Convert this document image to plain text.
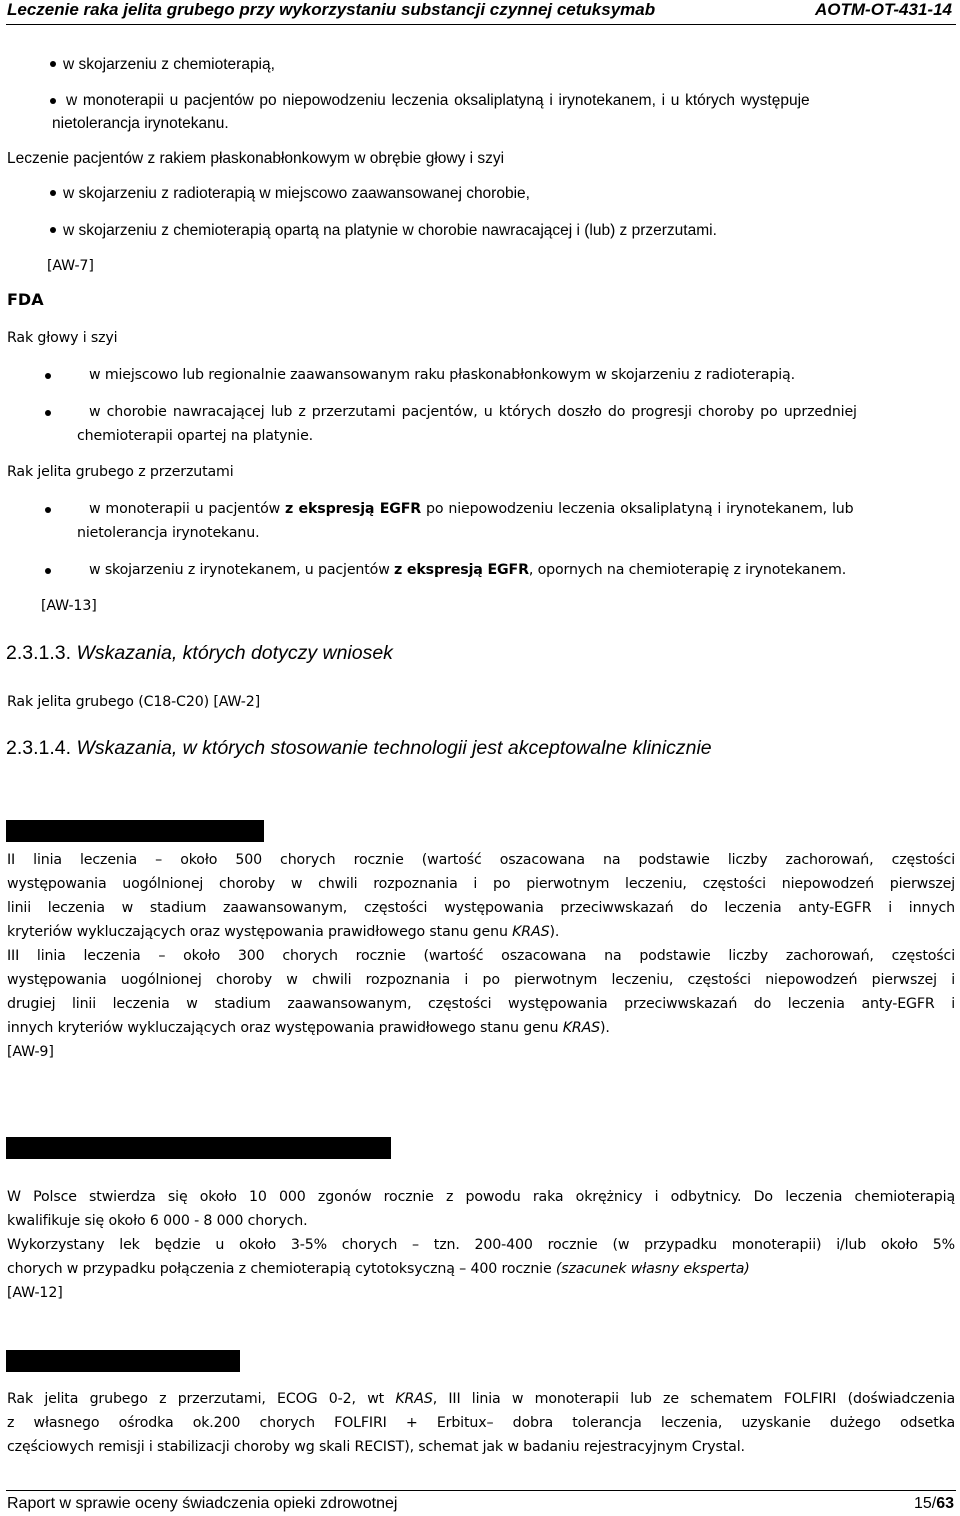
Leczenie raka jelita grubego przy wykorzystaniu substancji czynnej cetuksymab	AOTM-OT-431-14
w skojarzeniu z chemioterapią,
w monoterapii u pacjentów po niepowodzeniu leczenia oksaliplatyną i irynotekanem, i u których występuje
nietolerancja irynotekanu.
Leczenie pacjentów z rakiem płaskonabłonkowym w obrębie głowy i szyi
w skojarzeniu z radioterapią w miejscowo zaawansowanej chorobie,
w skojarzeniu z chemioterapią opartą na platynie w chorobie nawracającej i (lub) z przerzutami.
[AW-7]
FDA
Rak głowy i szyi
w miejscowo lub regionalnie zaawansowanym raku płaskonabłonkowym w skojarzeniu z radioterapią.
w chorobie nawracającej lub z przerzutami pacjentów, u których doszło do progresji choroby po uprzedniej
chemioterapii opartej na platynie.
Rak jelita grubego z przerzutami
w monoterapii u pacjentów z ekspresją EGFR po niepowodzeniu leczenia oksaliplatyną i irynotekanem, lub
nietolerancja irynotekanu.
w skojarzeniu z irynotekanem, u pacjentów z ekspresją EGFR, opornych na chemioterapię z irynotekanem.
[AW-13]
2.3.1.3. Wskazania, których dotyczy wniosek
Rak jelita grubego (C18-C20) [AW-2]
2.3.1.4. Wskazania, w których stosowanie technologii jest akceptowalne klinicznie
II linia leczenia – około 500 chorych rocznie (wartość oszacowana na podstawie liczby zachorowań, częstości
występowania uogólnionej choroby w chwili rozpoznania i po pierwotnym leczeniu, częstości niepowodzeń pierwszej
linii leczenia w stadium zaawansowanym, częstości występowania przeciwwskazań do leczenia anty-EGFR i innych
kryteriów wykluczających oraz występowania prawidłowego stanu genu KRAS).
III linia leczenia – około 300 chorych rocznie (wartość oszacowana na podstawie liczby zachorowań, częstości
występowania uogólnionej choroby w chwili rozpoznania i po pierwotnym leczeniu, częstości niepowodzeń pierwszej i
drugiej linii leczenia w stadium zaawansowanym, częstości występowania przeciwwskazań do leczenia anty-EGFR i
innych kryteriów wykluczających oraz występowania prawidłowego stanu genu KRAS).
[AW-9]
W Polsce stwierdza się około 10 000 zgonów rocznie z powodu raka okrężnicy i odbytnicy. Do leczenia chemioterapią
kwalifikuje się około 6 000 - 8 000 chorych.
Wykorzystany lek będzie u około 3-5% chorych – tzn. 200-400 rocznie (w przypadku monoterapii) i/lub około 5%
chorych w przypadku połączenia z chemioterapią cytotoksyczną – 400 rocznie (szacunek własny eksperta)
[AW-12]
Rak jelita grubego z przerzutami, ECOG 0-2, wt KRAS, III linia w monoterapii lub ze schematem FOLFIRI (doświadczenia
z własnego ośrodka ok.200 chorych FOLFIRI + Erbitux– dobra tolerancja leczenia, uzyskanie dużego odsetka
częściowych remisji i stabilizacji choroby wg skali RECIST), schemat jak w badaniu rejestracyjnym Crystal.
Raport w sprawie oceny świadczenia opieki zdrowotnej	15/63
